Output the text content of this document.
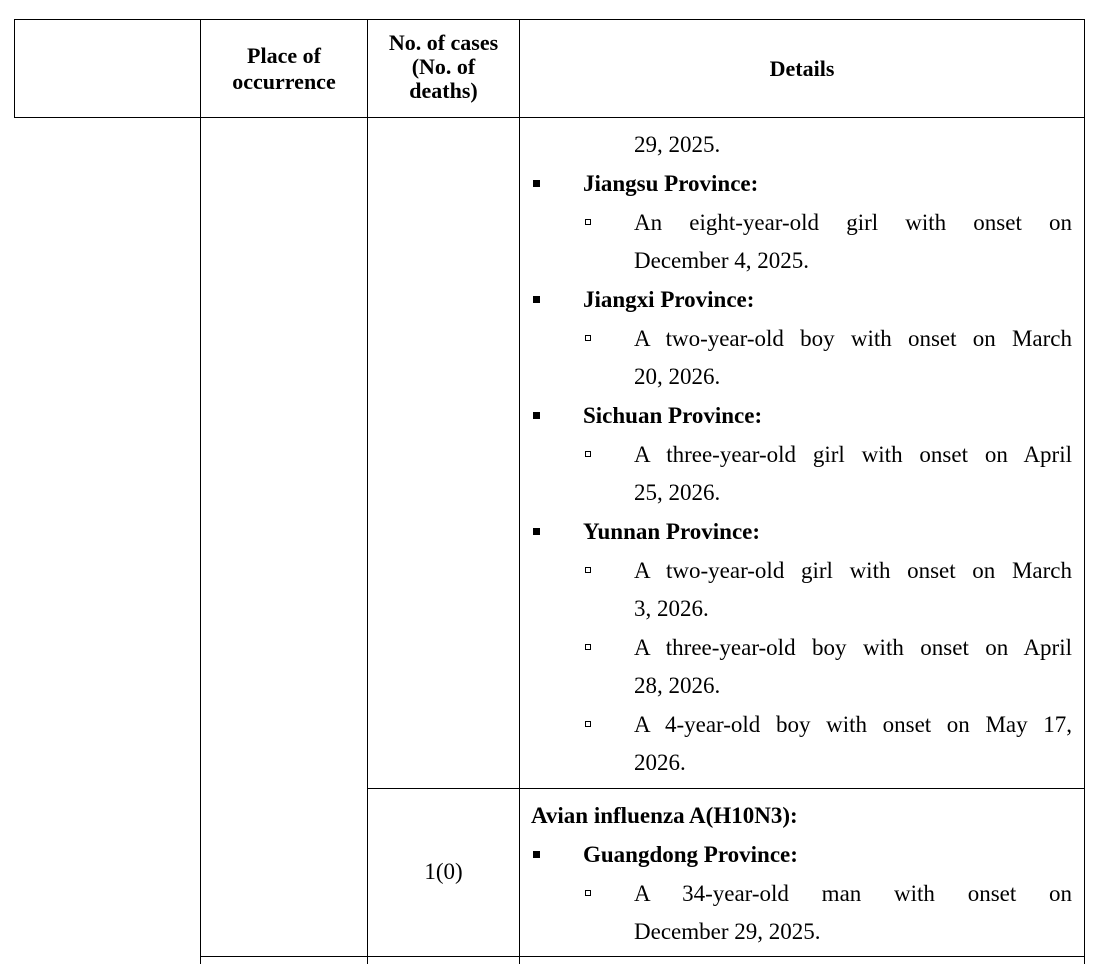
Place of
occurrence
No. of cases
(No. of
deaths)
Details
29, 2025.
Jiangsu Province:
An eight-year-old girl with onset on
December 4, 2025.
Jiangxi Province:
A two-year-old boy with onset on March
20, 2026.
Sichuan Province:
A three-year-old girl with onset on April
25, 2026.
Yunnan Province:
A two-year-old girl with onset on March
3, 2026.
A three-year-old boy with onset on April
28, 2026.
A 4-year-old boy with onset on May 17,
2026.
1(0)
Avian influenza A(H10N3):
Guangdong Province:
A 34-year-old man with onset on
December 29, 2025.
